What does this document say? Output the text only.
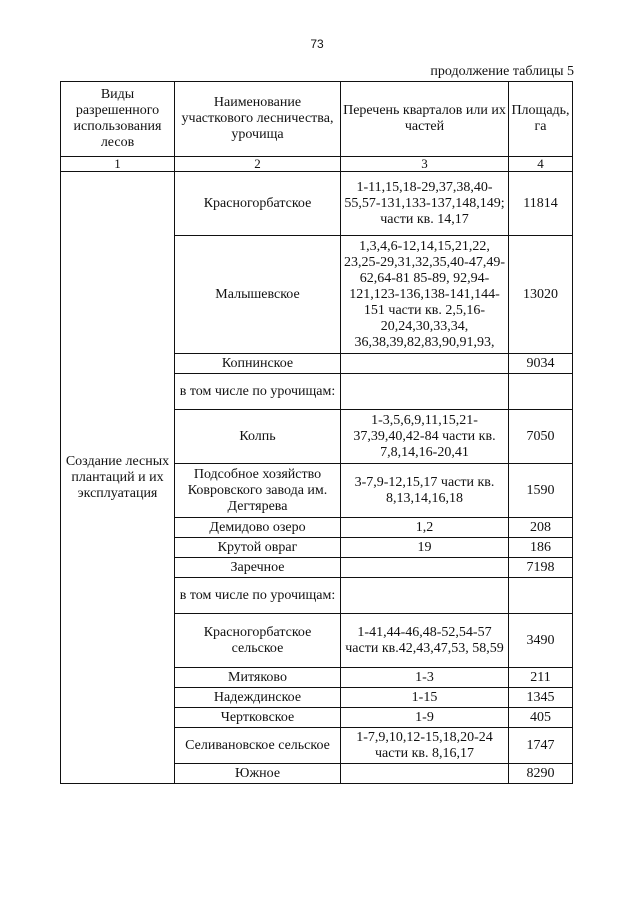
73
продолжение таблицы 5
Виды разрешенного использования лесов	Наименование участкового лесничества, урочища	Перечень кварталов или их частей	Площадь, га
1	2	3	4
Создание лесных плантаций и их эксплуатация	Красногорбатское	1-11,15,18-29,37,38,40-55,57-131,133-137,148,149; части кв. 14,17	11814
	Малышевское	1,3,4,6-12,14,15,21,22, 23,25-29,31,32,35,40-47,49-62,64-81 85-89, 92,94-121,123-136,138-141,144-151 части кв. 2,5,16-20,24,30,33,34, 36,38,39,82,83,90,91,93,	13020
	Копнинское		9034
	в том числе по урочищам:		
	Колпь	1-3,5,6,9,11,15,21-37,39,40,42-84 части кв. 7,8,14,16-20,41	7050
	Подсобное хозяйство Ковровского завода им. Дегтярева	3-7,9-12,15,17 части кв. 8,13,14,16,18	1590
	Демидово озеро	1,2	208
	Крутой овраг	19	186
	Заречное		7198
	в том числе по урочищам:		
	Красногорбатское сельское	1-41,44-46,48-52,54-57 части кв.42,43,47,53, 58,59	3490
	Митяково	1-3	211
	Надеждинское	1-15	1345
	Чертковское	1-9	405
	Селивановское сельское	1-7,9,10,12-15,18,20-24 части кв. 8,16,17	1747
	Южное		8290
